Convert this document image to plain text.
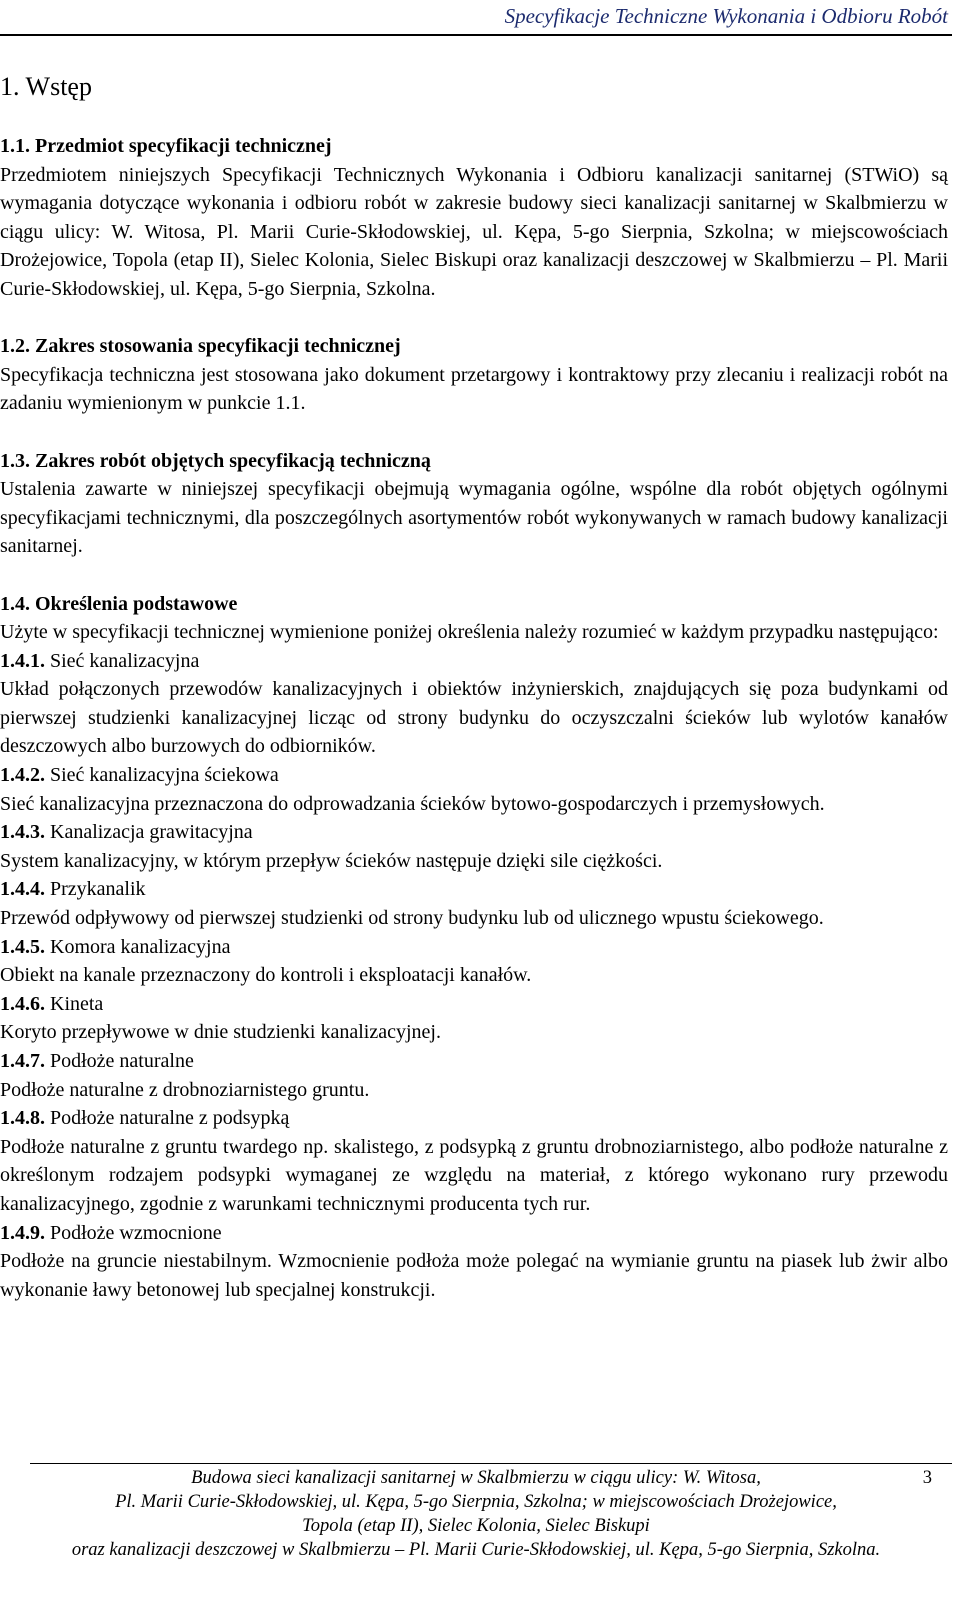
Specyfikacje Techniczne Wykonania i Odbioru Robót
1. Wstęp
1.1. Przedmiot specyfikacji technicznej

Przedmiotem niniejszych Specyfikacji Technicznych Wykonania i Odbioru kanalizacji sanitarnej (STWiO) są wymagania dotyczące wykonania i odbioru robót w zakresie budowy sieci kanalizacji sanitarnej w Skalbmierzu w ciągu ulicy: W. Witosa, Pl. Marii Curie-Skłodowskiej, ul. Kępa, 5-go Sierpnia, Szkolna; w miejscowościach Drożejowice, Topola (etap II), Sielec Kolonia, Sielec Biskupi oraz kanalizacji deszczowej w Skalbmierzu – Pl. Marii Curie-Skłodowskiej, ul. Kępa, 5-go Sierpnia, Szkolna.

1.2. Zakres stosowania specyfikacji technicznej

Specyfikacja techniczna jest stosowana jako dokument przetargowy i kontraktowy przy zlecaniu i realizacji robót na zadaniu wymienionym w punkcie 1.1.

1.3. Zakres robót objętych specyfikacją techniczną

Ustalenia zawarte w niniejszej specyfikacji obejmują wymagania ogólne, wspólne dla robót objętych ogólnymi specyfikacjami technicznymi, dla poszczególnych asortymentów robót wykonywanych w ramach budowy kanalizacji sanitarnej.

1.4. Określenia podstawowe

Użyte w specyfikacji technicznej wymienione poniżej określenia należy rozumieć w każdym przypadku następująco:

1.4.1. Sieć kanalizacyjna

Układ połączonych przewodów kanalizacyjnych i obiektów inżynierskich, znajdujących się poza budynkami od pierwszej studzienki kanalizacyjnej licząc od strony budynku do oczyszczalni ścieków lub wylotów kanałów deszczowych albo burzowych do odbiorników.

1.4.2. Sieć kanalizacyjna ściekowa

Sieć kanalizacyjna przeznaczona do odprowadzania ścieków bytowo-gospodarczych i przemysłowych.

1.4.3. Kanalizacja grawitacyjna

System kanalizacyjny, w którym przepływ ścieków następuje dzięki sile ciężkości.

1.4.4. Przykanalik

Przewód odpływowy od pierwszej studzienki od strony budynku lub od ulicznego wpustu ściekowego.

1.4.5. Komora kanalizacyjna

Obiekt na kanale przeznaczony do kontroli i eksploatacji kanałów.

1.4.6. Kineta

Koryto przepływowe w dnie studzienki kanalizacyjnej.

1.4.7. Podłoże naturalne

Podłoże naturalne z drobnoziarnistego gruntu.

1.4.8. Podłoże naturalne z podsypką

Podłoże naturalne z gruntu twardego np. skalistego, z podsypką z gruntu drobnoziarnistego, albo podłoże naturalne z określonym rodzajem podsypki wymaganej ze względu na materiał, z którego wykonano rury przewodu kanalizacyjnego, zgodnie z warunkami technicznymi producenta tych rur.

1.4.9. Podłoże wzmocnione

Podłoże na gruncie niestabilnym. Wzmocnienie podłoża może polegać na wymianie gruntu na piasek lub żwir albo wykonanie ławy betonowej lub specjalnej konstrukcji.

3
Budowa sieci kanalizacji sanitarnej w Skalbmierzu w ciągu ulicy: W. Witosa,
Pl. Marii Curie-Skłodowskiej, ul. Kępa, 5-go Sierpnia, Szkolna; w miejscowościach Drożejowice,
Topola (etap II), Sielec Kolonia, Sielec Biskupi
oraz kanalizacji deszczowej w Skalbmierzu – Pl. Marii Curie-Skłodowskiej, ul. Kępa, 5-go Sierpnia, Szkolna.
